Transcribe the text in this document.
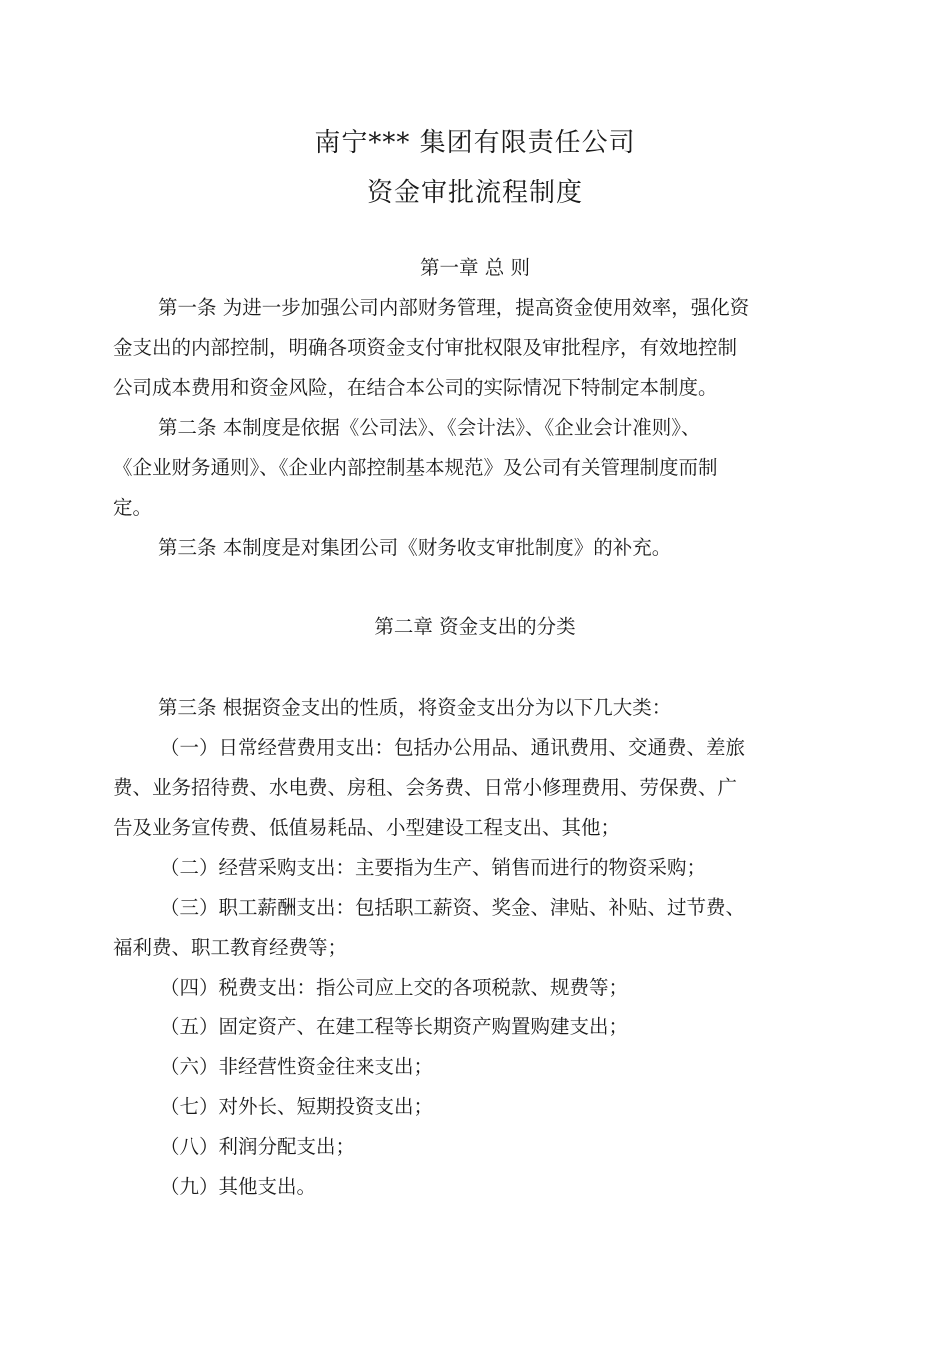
南宁*** 集团有限责任公司
资金审批流程制度
第一章 总 则
第一条 为进一步加强公司内部财务管理，提高资金使用效率，强化资
金支出的内部控制，明确各项资金支付审批权限及审批程序，有效地控制
公司成本费用和资金风险，在结合本公司的实际情况下特制定本制度。
第二条 本制度是依据《公司法》、《会计法》、《企业会计准则》、
《企业财务通则》、《企业内部控制基本规范》及公司有关管理制度而制
定。
第三条 本制度是对集团公司《财务收支审批制度》的补充。
第二章 资金支出的分类
第三条 根据资金支出的性质，将资金支出分为以下几大类：
（一）日常经营费用支出：包括办公用品、通讯费用、交通费、差旅
费、业务招待费、水电费、房租、会务费、日常小修理费用、劳保费、广
告及业务宣传费、低值易耗品、小型建设工程支出、其他；
（二）经营采购支出：主要指为生产、销售而进行的物资采购；
（三）职工薪酬支出：包括职工薪资、奖金、津贴、补贴、过节费、
福利费、职工教育经费等；
（四）税费支出：指公司应上交的各项税款、规费等；
（五）固定资产、在建工程等长期资产购置购建支出；
（六）非经营性资金往来支出；
（七）对外长、短期投资支出；
（八）利润分配支出；
（九）其他支出。
